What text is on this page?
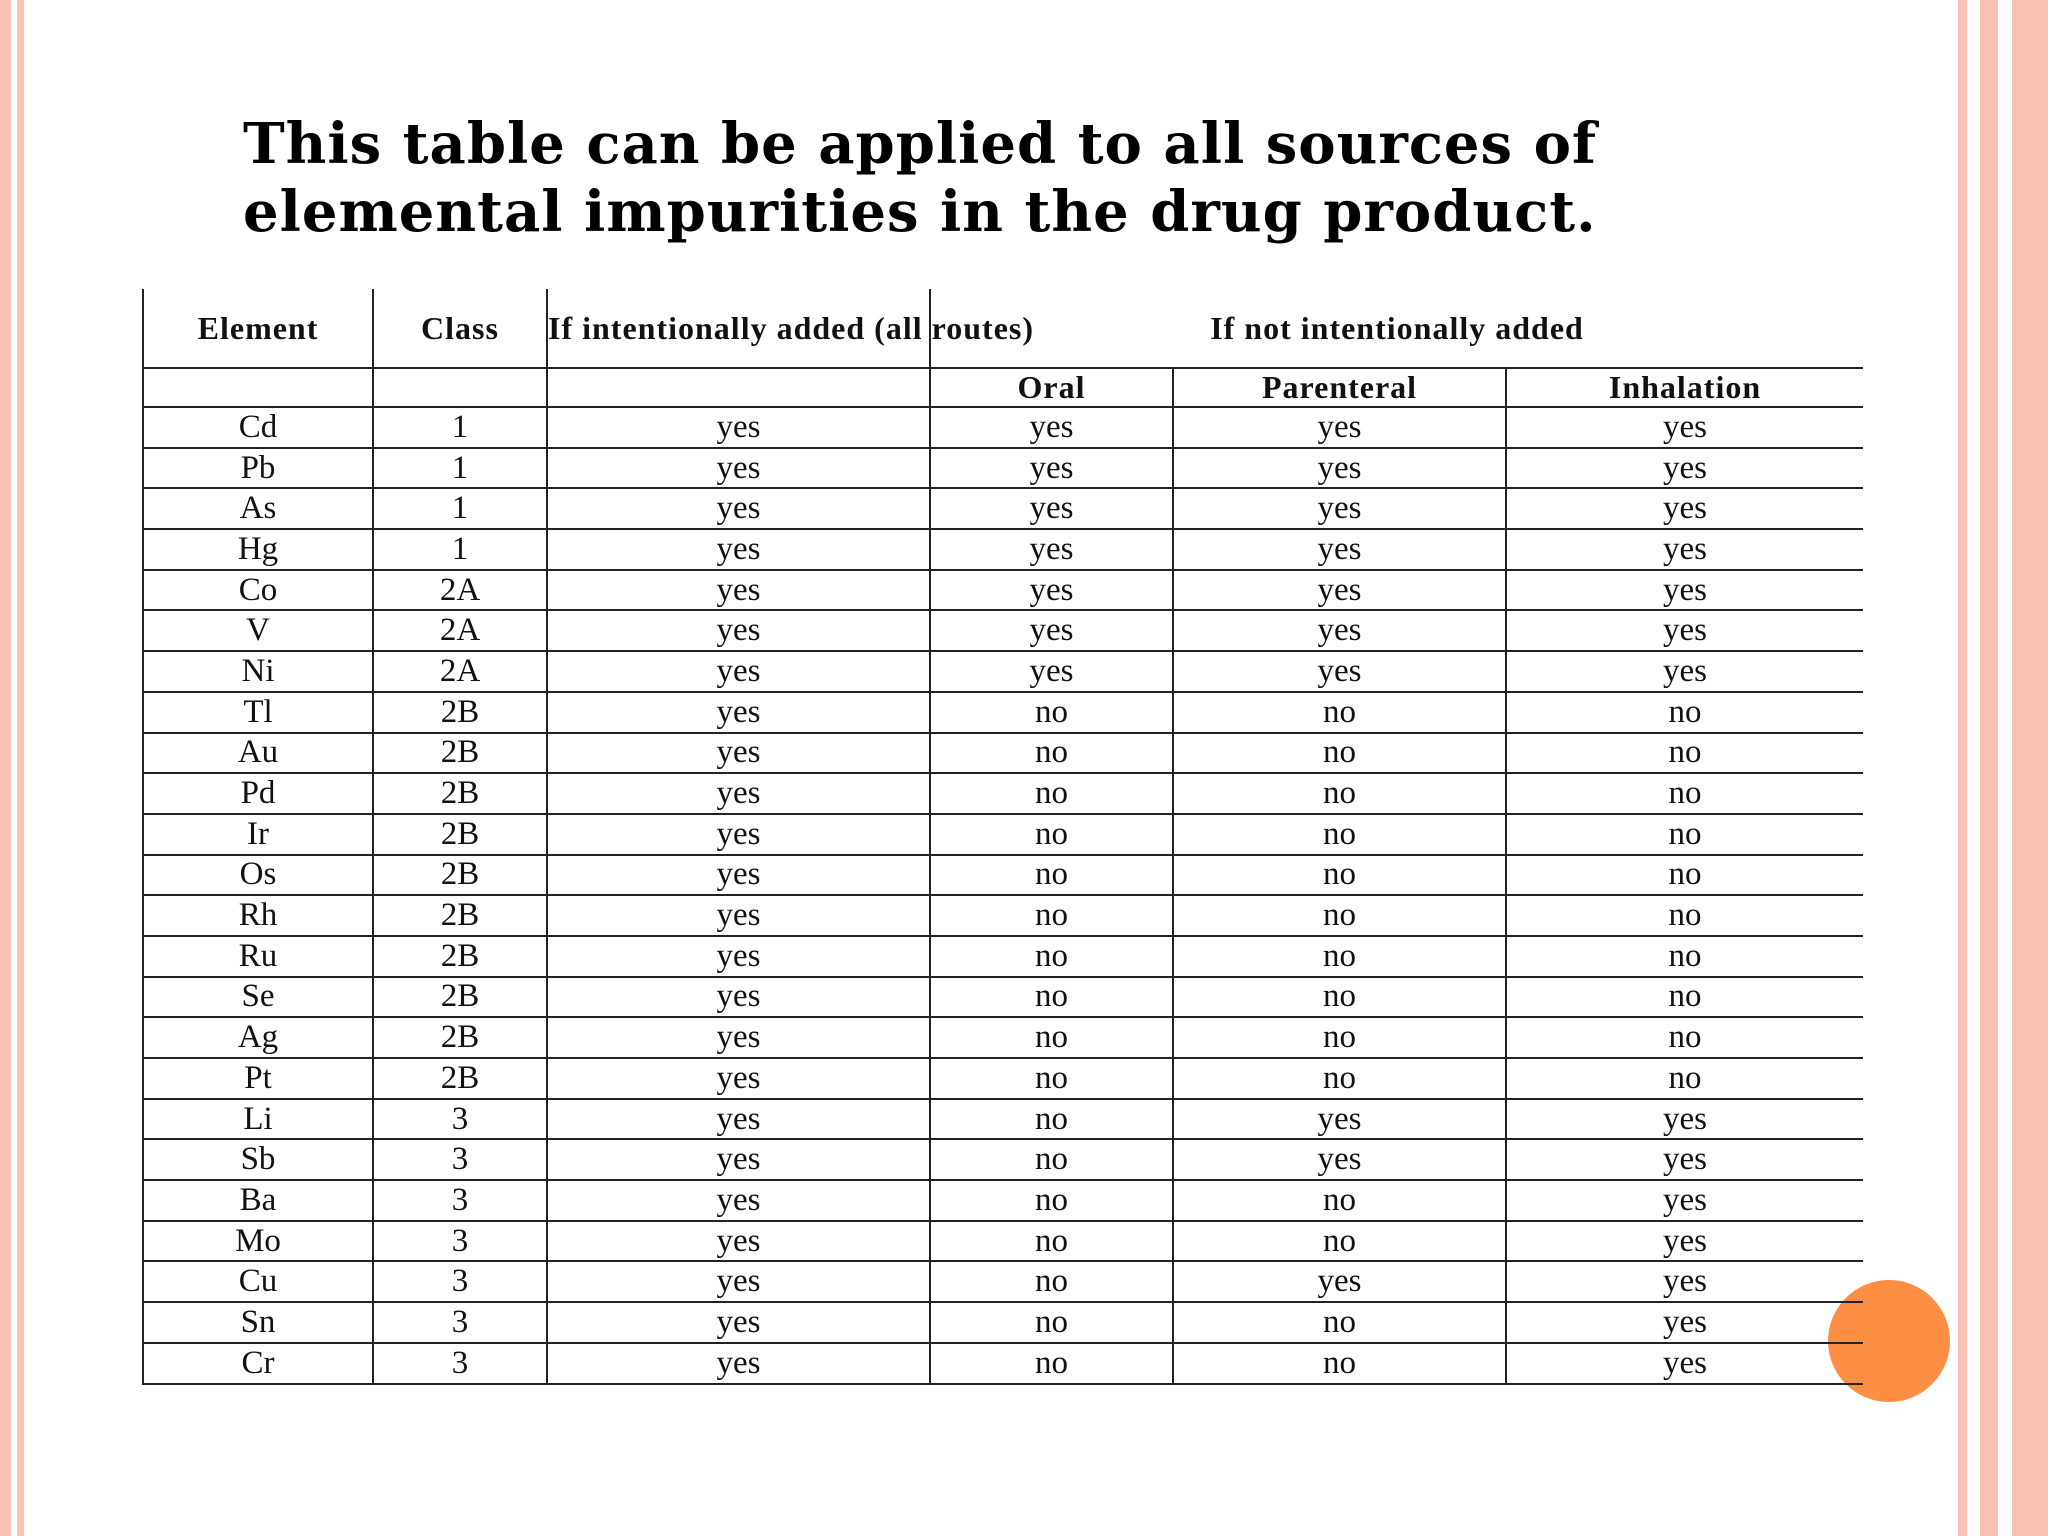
This table can be applied to all sources of elemental impurities in the drug product.
Element	Class	If intentionally added (all routes)	If not intentionally added		
			Oral	Parenteral	Inhalation
Cd	1	yes	yes	yes	yes
Pb	1	yes	yes	yes	yes
As	1	yes	yes	yes	yes
Hg	1	yes	yes	yes	yes
Co	2A	yes	yes	yes	yes
V	2A	yes	yes	yes	yes
Ni	2A	yes	yes	yes	yes
Tl	2B	yes	no	no	no
Au	2B	yes	no	no	no
Pd	2B	yes	no	no	no
Ir	2B	yes	no	no	no
Os	2B	yes	no	no	no
Rh	2B	yes	no	no	no
Ru	2B	yes	no	no	no
Se	2B	yes	no	no	no
Ag	2B	yes	no	no	no
Pt	2B	yes	no	no	no
Li	3	yes	no	yes	yes
Sb	3	yes	no	yes	yes
Ba	3	yes	no	no	yes
Mo	3	yes	no	no	yes
Cu	3	yes	no	yes	yes
Sn	3	yes	no	no	yes
Cr	3	yes	no	no	yes
